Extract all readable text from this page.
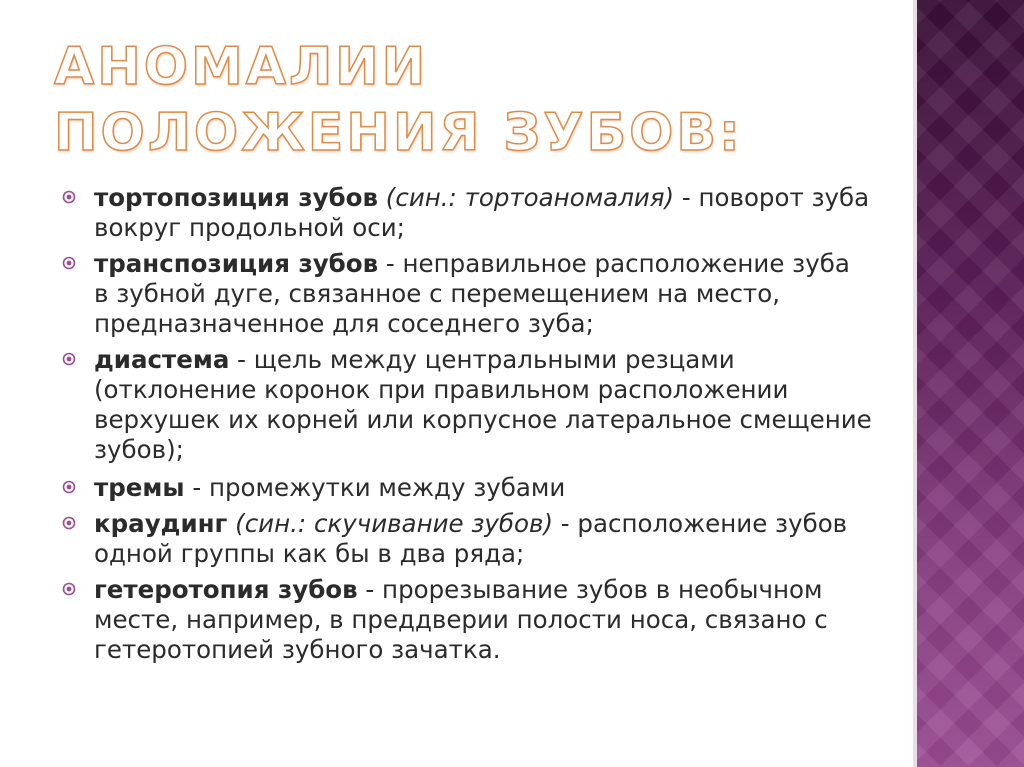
АНОМАЛИИ ПОЛОЖЕНИЯ ЗУБОВ:
тортопозиция зубов (син.: тортоаномалия) - поворот зуба вокруг продольной оси;
транспозиция зубов - неправильное расположение зуба в зубной дуге, связанное с перемещением на место, предназначенное для соседнего зуба;
диастема - щель между центральными резцами (отклонение коронок при правильном расположении верхушек их корней или корпусное латеральное смещение зубов);
тремы - промежутки между зубами
краудинг (син.: скучивание зубов) - расположение зубов одной группы как бы в два ряда;
гетеротопия зубов - прорезывание зубов в необычном месте, например, в преддверии полости носа, связано с гетеротопией зубного зачатка.
